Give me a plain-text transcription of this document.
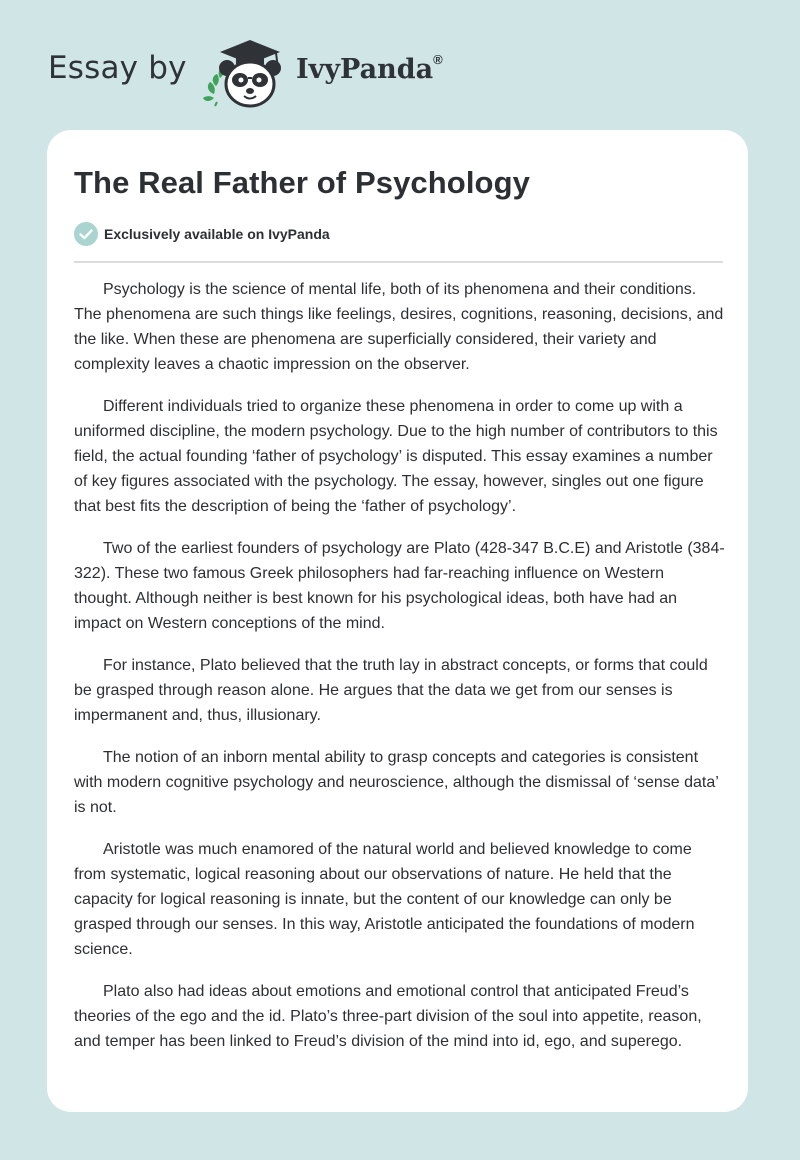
Essay by	IvyPanda®
The Real Father of Psychology
Exclusively available on IvyPanda

Psychology is the science of mental life, both of its phenomena and their conditions. The phenomena are such things like feelings, desires, cognitions, reasoning, decisions, and the like. When these are phenomena are superficially considered, their variety and complexity leaves a chaotic impression on the observer.

Different individuals tried to organize these phenomena in order to come up with a uniformed discipline, the modern psychology. Due to the high number of contributors to this field, the actual founding ‘father of psychology’ is disputed. This essay examines a number of key figures associated with the psychology. The essay, however, singles out one figure that best fits the description of being the ‘father of psychology’.

Two of the earliest founders of psychology are Plato (428-347 B.C.E) and Aristotle (384-322). These two famous Greek philosophers had far-reaching influence on Western thought. Although neither is best known for his psychological ideas, both have had an impact on Western conceptions of the mind.

For instance, Plato believed that the truth lay in abstract concepts, or forms that could be grasped through reason alone. He argues that the data we get from our senses is impermanent and, thus, illusionary.

The notion of an inborn mental ability to grasp concepts and categories is consistent with modern cognitive psychology and neuroscience, although the dismissal of ‘sense data’ is not.

Aristotle was much enamored of the natural world and believed knowledge to come from systematic, logical reasoning about our observations of nature. He held that the capacity for logical reasoning is innate, but the content of our knowledge can only be grasped through our senses. In this way, Aristotle anticipated the foundations of modern science.

Plato also had ideas about emotions and emotional control that anticipated Freud’s theories of the ego and the id. Plato’s three-part division of the soul into appetite, reason, and temper has been linked to Freud’s division of the mind into id, ego, and superego.
